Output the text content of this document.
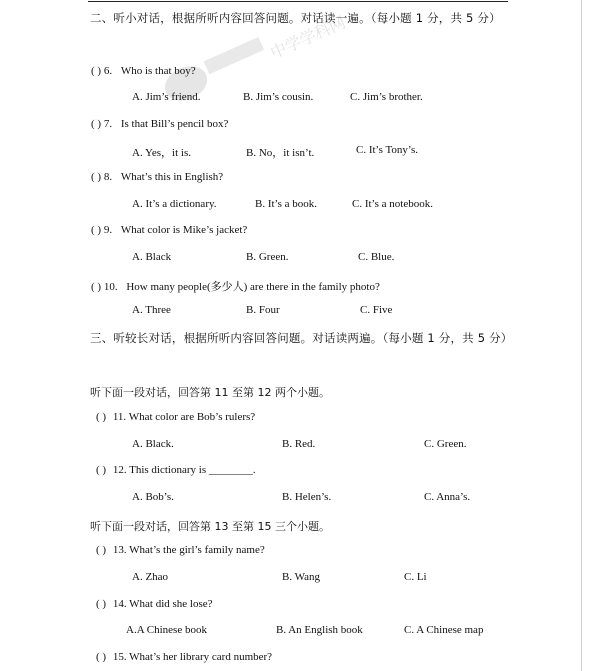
中学学科网
二、听小对话，根据所听内容回答问题。对话读一遍。（每小题 1 分，共 5 分）
( ) 6. Who is that boy?
A. Jim’s friend.	B. Jim’s cousin.	C. Jim’s brother.
( ) 7. Is that Bill’s pencil box?
A. Yes，it is.	B. No，it isn’t.	C. It’s Tony’s.
( ) 8. What’s this in English?
A. It’s a dictionary.	B. It’s a book.	C. It’s a notebook.
( ) 9. What color is Mike’s jacket?
A. Black	B. Green.	C. Blue.
( ) 10. How many people(多少人) are there in the family photo?
A. Three	B. Four	C. Five
三、听较长对话，根据所听内容回答问题。对话读两遍。（每小题 1 分，共 5 分）
听下面一段对话，回答第 11 至第 12 两个小题。
( ) 11. What color are Bob’s rulers?
A. Black.	B. Red.	C. Green.
( ) 12. This dictionary is ________.
A. Bob’s.	B. Helen’s.	C. Anna’s.
听下面一段对话，回答第 13 至第 15 三个小题。
( ) 13. What’s the girl’s family name?
A. Zhao	B. Wang	C. Li
( ) 14. What did she lose?
A.A Chinese book	B. An English book	C. A Chinese map
( ) 15. What’s her library card number?
